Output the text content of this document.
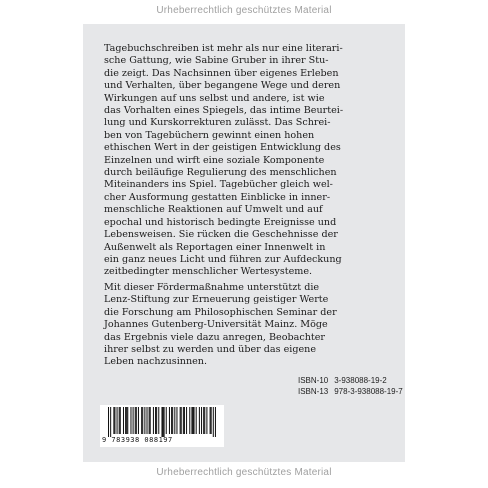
Urheberrechtlich geschütztes Material
Tagebuchschreiben ist mehr als nur eine literari-
sche Gattung, wie Sabine Gruber in ihrer Stu-
die zeigt. Das Nachsinnen über eigenes Erleben
und Verhalten, über begangene Wege und deren
Wirkungen auf uns selbst und andere, ist wie
das Vorhalten eines Spiegels, das intime Beurtei-
lung und Kurskorrekturen zulässt. Das Schrei-
ben von Tagebüchern gewinnt einen hohen
ethischen Wert in der geistigen Entwicklung des
Einzelnen und wirft eine soziale Komponente
durch beiläufige Regulierung des menschlichen
Miteinanders ins Spiel. Tagebücher gleich wel-
cher Ausformung gestatten Einblicke in inner-
menschliche Reaktionen auf Umwelt und auf
epochal und historisch bedingte Ereignisse und
Lebensweisen. Sie rücken die Geschehnisse der
Außenwelt als Reportagen einer Innenwelt in
ein ganz neues Licht und führen zur Aufdeckung
zeitbedingter menschlicher Wertesysteme.
Mit dieser Fördermaßnahme unterstützt die
Lenz-Stiftung zur Erneuerung geistiger Werte
die Forschung am Philosophischen Seminar der
Johannes Gutenberg-Universität Mainz. Möge
das Ergebnis viele dazu anregen, Beobachter
ihrer selbst zu werden und über das eigene
Leben nachzusinnen.
ISBN-10 3-938088-19-2
ISBN-13 978-3-938088-19-7
9 783938 088197
Urheberrechtlich geschütztes Material
